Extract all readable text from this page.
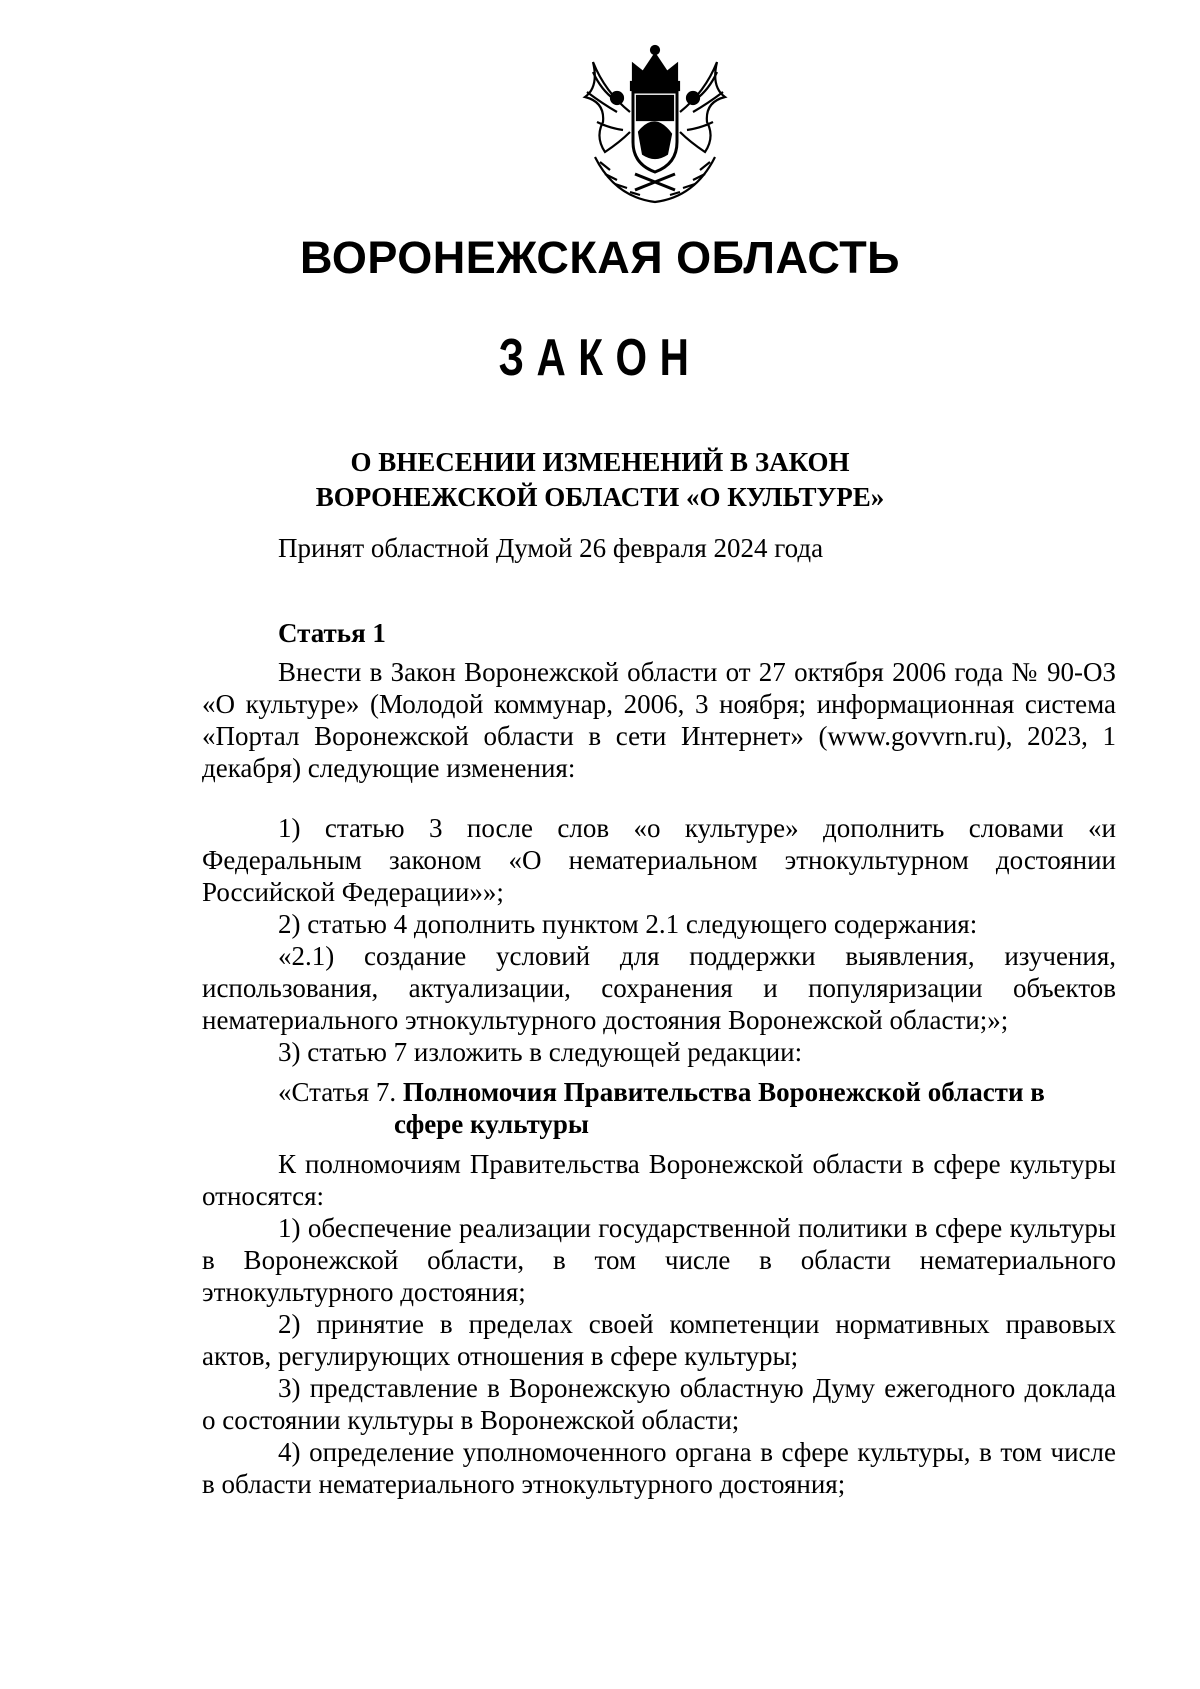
ВОРОНЕЖСКАЯ ОБЛАСТЬ
ЗАКОН
О ВНЕСЕНИИ ИЗМЕНЕНИЙ В ЗАКОН
ВОРОНЕЖСКОЙ ОБЛАСТИ «О КУЛЬТУРЕ»
Принят областной Думой 26 февраля 2024 года
Статья 1
Внести в Закон Воронежской области от 27 октября 2006 года № 90-ОЗ «О культуре» (Молодой коммунар, 2006, 3 ноября; информационная система «Портал Воронежской области в сети Интернет» (www.govvrn.ru), 2023, 1 декабря) следующие изменения:
1) статью 3 после слов «о культуре» дополнить словами «и Федеральным законом «О нематериальном этнокультурном достоянии Российской Федерации»»;
2) статью 4 дополнить пунктом 2.1 следующего содержания:
«2.1) создание условий для поддержки выявления, изучения, использования, актуализации, сохранения и популяризации объектов нематериального этнокультурного достояния Воронежской области;»;
3) статью 7 изложить в следующей редакции:
«Статья 7. Полномочия Правительства Воронежской области в
сфере культуры
К полномочиям Правительства Воронежской области в сфере культуры относятся:
1) обеспечение реализации государственной политики в сфере культуры в Воронежской области, в том числе в области нематериального этнокультурного достояния;
2) принятие в пределах своей компетенции нормативных правовых актов, регулирующих отношения в сфере культуры;
3) представление в Воронежскую областную Думу ежегодного доклада о состоянии культуры в Воронежской области;
4) определение уполномоченного органа в сфере культуры, в том числе в области нематериального этнокультурного достояния;
